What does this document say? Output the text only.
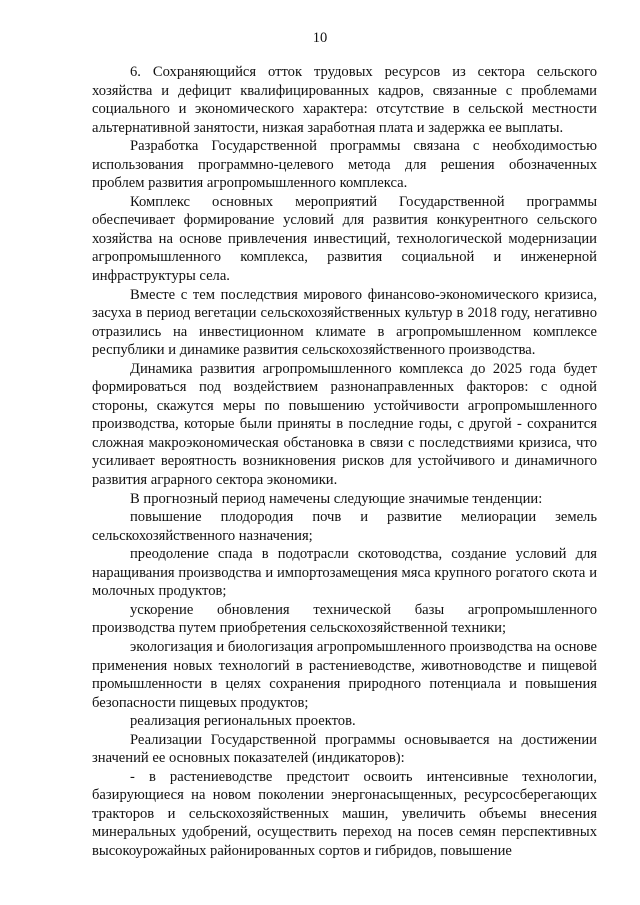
10

6. Сохраняющийся отток трудовых ресурсов из сектора сельского хозяйства и дефицит квалифицированных кадров, связанные с проблемами социального и экономического характера: отсутствие в сельской местности альтернативной занятости, низкая заработная плата и задержка ее выплаты.

Разработка Государственной программы связана с необходимостью использования программно-целевого метода для решения обозначенных проблем развития агропромышленного комплекса.

Комплекс основных мероприятий Государственной программы обеспечивает формирование условий для развития конкурентного сельского хозяйства на основе привлечения инвестиций, технологической модернизации агропромышленного комплекса, развития социальной и инженерной инфраструктуры села.

Вместе с тем последствия мирового финансово-экономического кризиса, засуха в период вегетации сельскохозяйственных культур в 2018 году, негативно отразились на инвестиционном климате в агропромышленном комплексе республики и динамике развития сельскохозяйственного производства.

Динамика развития агропромышленного комплекса до 2025 года будет формироваться под воздействием разнонаправленных факторов: с одной стороны, скажутся меры по повышению устойчивости агропромышленного производства, которые были приняты в последние годы, с другой - сохранится сложная макроэкономическая обстановка в связи с последствиями кризиса, что усиливает вероятность возникновения рисков для устойчивого и динамичного развития аграрного сектора экономики.

В прогнозный период намечены следующие значимые тенденции:

повышение плодородия почв и развитие мелиорации земель сельскохозяйственного назначения;

преодоление спада в подотрасли скотоводства, создание условий для наращивания производства и импортозамещения мяса крупного рогатого скота и молочных продуктов;

ускорение обновления технической базы агропромышленного производства путем приобретения сельскохозяйственной техники;

экологизация и биологизация агропромышленного производства на основе применения новых технологий в растениеводстве, животноводстве и пищевой промышленности в целях сохранения природного потенциала и повышения безопасности пищевых продуктов;

реализация региональных проектов.

Реализации Государственной программы основывается на достижении значений ее основных показателей (индикаторов):

- в растениеводстве предстоит освоить интенсивные технологии, базирующиеся на новом поколении энергонасыщенных, ресурсосберегающих тракторов и сельскохозяйственных машин, увеличить объемы внесения минеральных удобрений, осуществить переход на посев семян перспективных высокоурожайных районированных сортов и гибридов, повышение
